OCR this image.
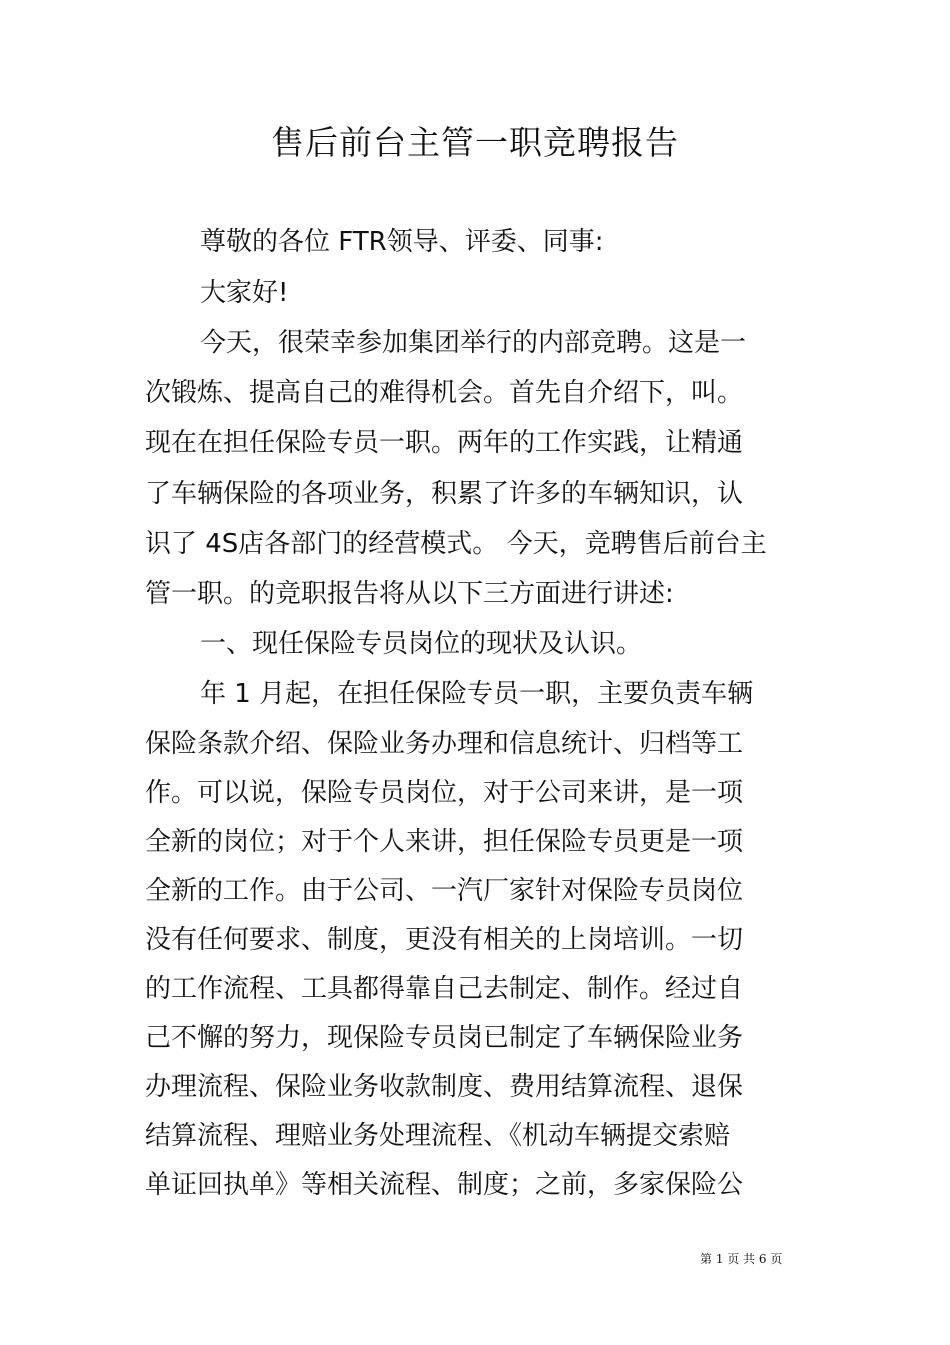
售后前台主管一职竞聘报告

尊敬的各位 FTR领导、评委、同事:

大家好!

今天，很荣幸参加集团举行的内部竞聘。这是一

次锻炼、提高自己的难得机会。首先自介绍下，叫。

现在在担任保险专员一职。两年的工作实践，让精通

了车辆保险的各项业务，积累了许多的车辆知识，认

识了 4S店各部门的经营模式。 今天，竞聘售后前台主

管一职。的竞职报告将从以下三方面进行讲述:

一、现任保险专员岗位的现状及认识。

年 1 月起，在担任保险专员一职，主要负责车辆

保险条款介绍、保险业务办理和信息统计、归档等工

作。可以说，保险专员岗位，对于公司来讲，是一项

全新的岗位；对于个人来讲，担任保险专员更是一项

全新的工作。由于公司、一汽厂家针对保险专员岗位

没有任何要求、制度，更没有相关的上岗培训。一切

的工作流程、工具都得靠自己去制定、制作。经过自

己不懈的努力，现保险专员岗已制定了车辆保险业务

办理流程、保险业务收款制度、费用结算流程、退保

结算流程、理赔业务处理流程、《机动车辆提交索赔

单证回执单》等相关流程、制度；之前，多家保险公

第 1 页 共 6 页
